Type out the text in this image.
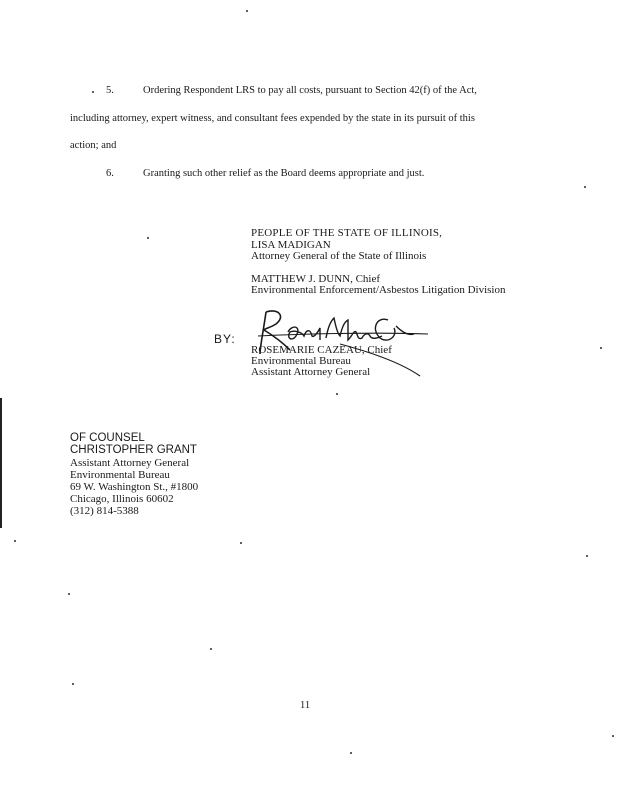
5.	Ordering Respondent LRS to pay all costs, pursuant to Section 42(f) of the Act,
including attorney, expert witness, and consultant fees expended by the state in its pursuit of this
action; and
6.	Granting such other relief as the Board deems appropriate and just.
PEOPLE OF THE STATE OF ILLINOIS,
LISA MADIGAN
Attorney General of the State of Illinois
MATTHEW J. DUNN, Chief
Environmental Enforcement/Asbestos Litigation Division
BY:
ROSEMARIE CAZEAU, Chief
Environmental Bureau
Assistant Attorney General
OF COUNSEL
CHRISTOPHER GRANT
Assistant Attorney General
Environmental Bureau
69 W. Washington St., #1800
Chicago, Illinois 60602
(312) 814-5388
11
